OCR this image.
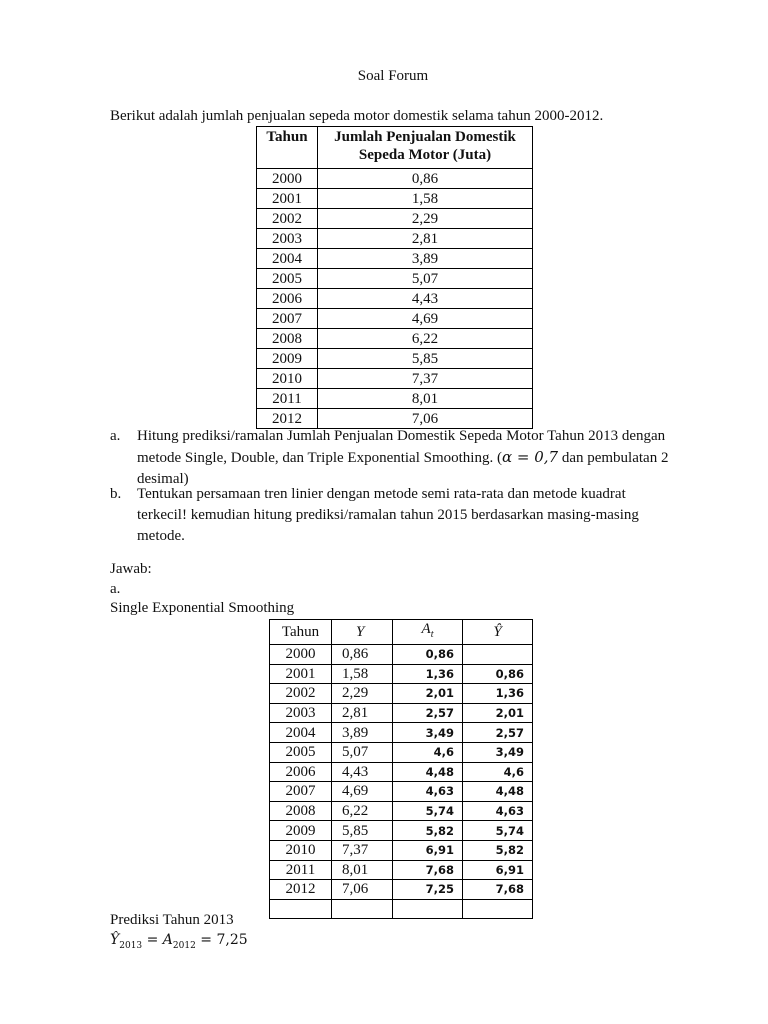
Soal Forum
Berikut adalah jumlah penjualan sepeda motor domestik selama tahun 2000-2012.
Tahun	Jumlah Penjualan Domestik
Sepeda Motor (Juta)
2000	0,86
2001	1,58
2002	2,29
2003	2,81
2004	3,89
2005	5,07
2006	4,43
2007	4,69
2008	6,22
2009	5,85
2010	7,37
2011	8,01
2012	7,06
a. Hitung prediksi/ramalan Jumlah Penjualan Domestik Sepeda Motor Tahun 2013 dengan
metode Single, Double, dan Triple Exponential Smoothing. (α = 0,7 dan pembulatan 2
desimal)
b. Tentukan persamaan tren linier dengan metode semi rata-rata dan metode kuadrat
terkecil! kemudian hitung prediksi/ramalan tahun 2015 berdasarkan masing-masing
metode.
Jawab:
a.
Single Exponential Smoothing
Tahun	Y	$A_t$	Ŷ
2000	0,86	0,86	
2001	1,58	1,36	0,86
2002	2,29	2,01	1,36
2003	2,81	2,57	2,01
2004	3,89	3,49	2,57
2005	5,07	4,6	3,49
2006	4,43	4,48	4,6
2007	4,69	4,63	4,48
2008	6,22	5,74	4,63
2009	5,85	5,82	5,74
2010	7,37	6,91	5,82
2011	8,01	7,68	6,91
2012	7,06	7,25	7,68

Prediksi Tahun 2013
$Ŷ_{2013} = A_{2012} = 7,25$
